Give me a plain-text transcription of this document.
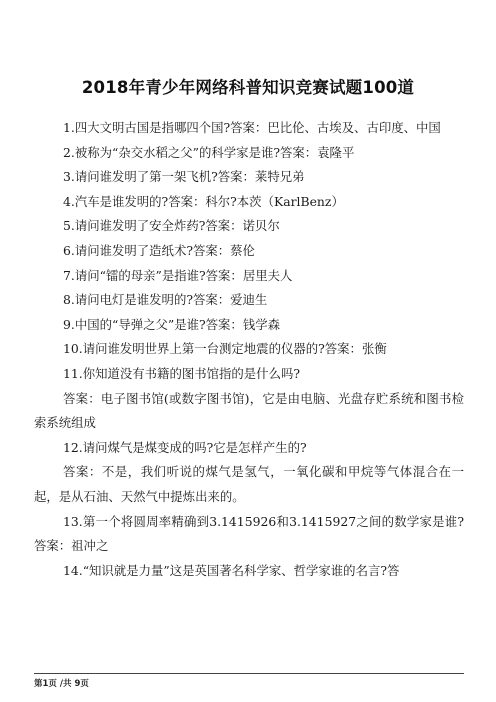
2018年青少年网络科普知识竞赛试题100道

1.四大文明古国是指哪四个国?答案：巴比伦、古埃及、古印度、中国

2.被称为“杂交水稻之父”的科学家是谁?答案：袁隆平

3.请问谁发明了第一架飞机?答案：莱特兄弟

4.汽车是谁发明的?答案：科尔?本茨（KarlBenz）

5.请问谁发明了安全炸药?答案：诺贝尔

6.请问谁发明了造纸术?答案：蔡伦

7.请问“镭的母亲”是指谁?答案：居里夫人

8.请问电灯是谁发明的?答案：爱迪生

9.中国的“导弹之父”是谁?答案：钱学森

10.请问谁发明世界上第一台测定地震的仪器的?答案：张衡

11.你知道没有书籍的图书馆指的是什么吗?

答案：电子图书馆(或数字图书馆)，它是由电脑、光盘存贮系统和图书检索系统组成

12.请问煤气是煤变成的吗?它是怎样产生的?

答案：不是，我们听说的煤气是氢气，一氧化碳和甲烷等气体混合在一起，是从石油、天然气中提炼出来的。

13.第一个将圆周率精确到3.1415926和3.1415927之间的数学家是谁?答案：祖冲之

14.“知识就是力量”这是英国著名科学家、哲学家谁的名言?答

第1页 /共 9页
